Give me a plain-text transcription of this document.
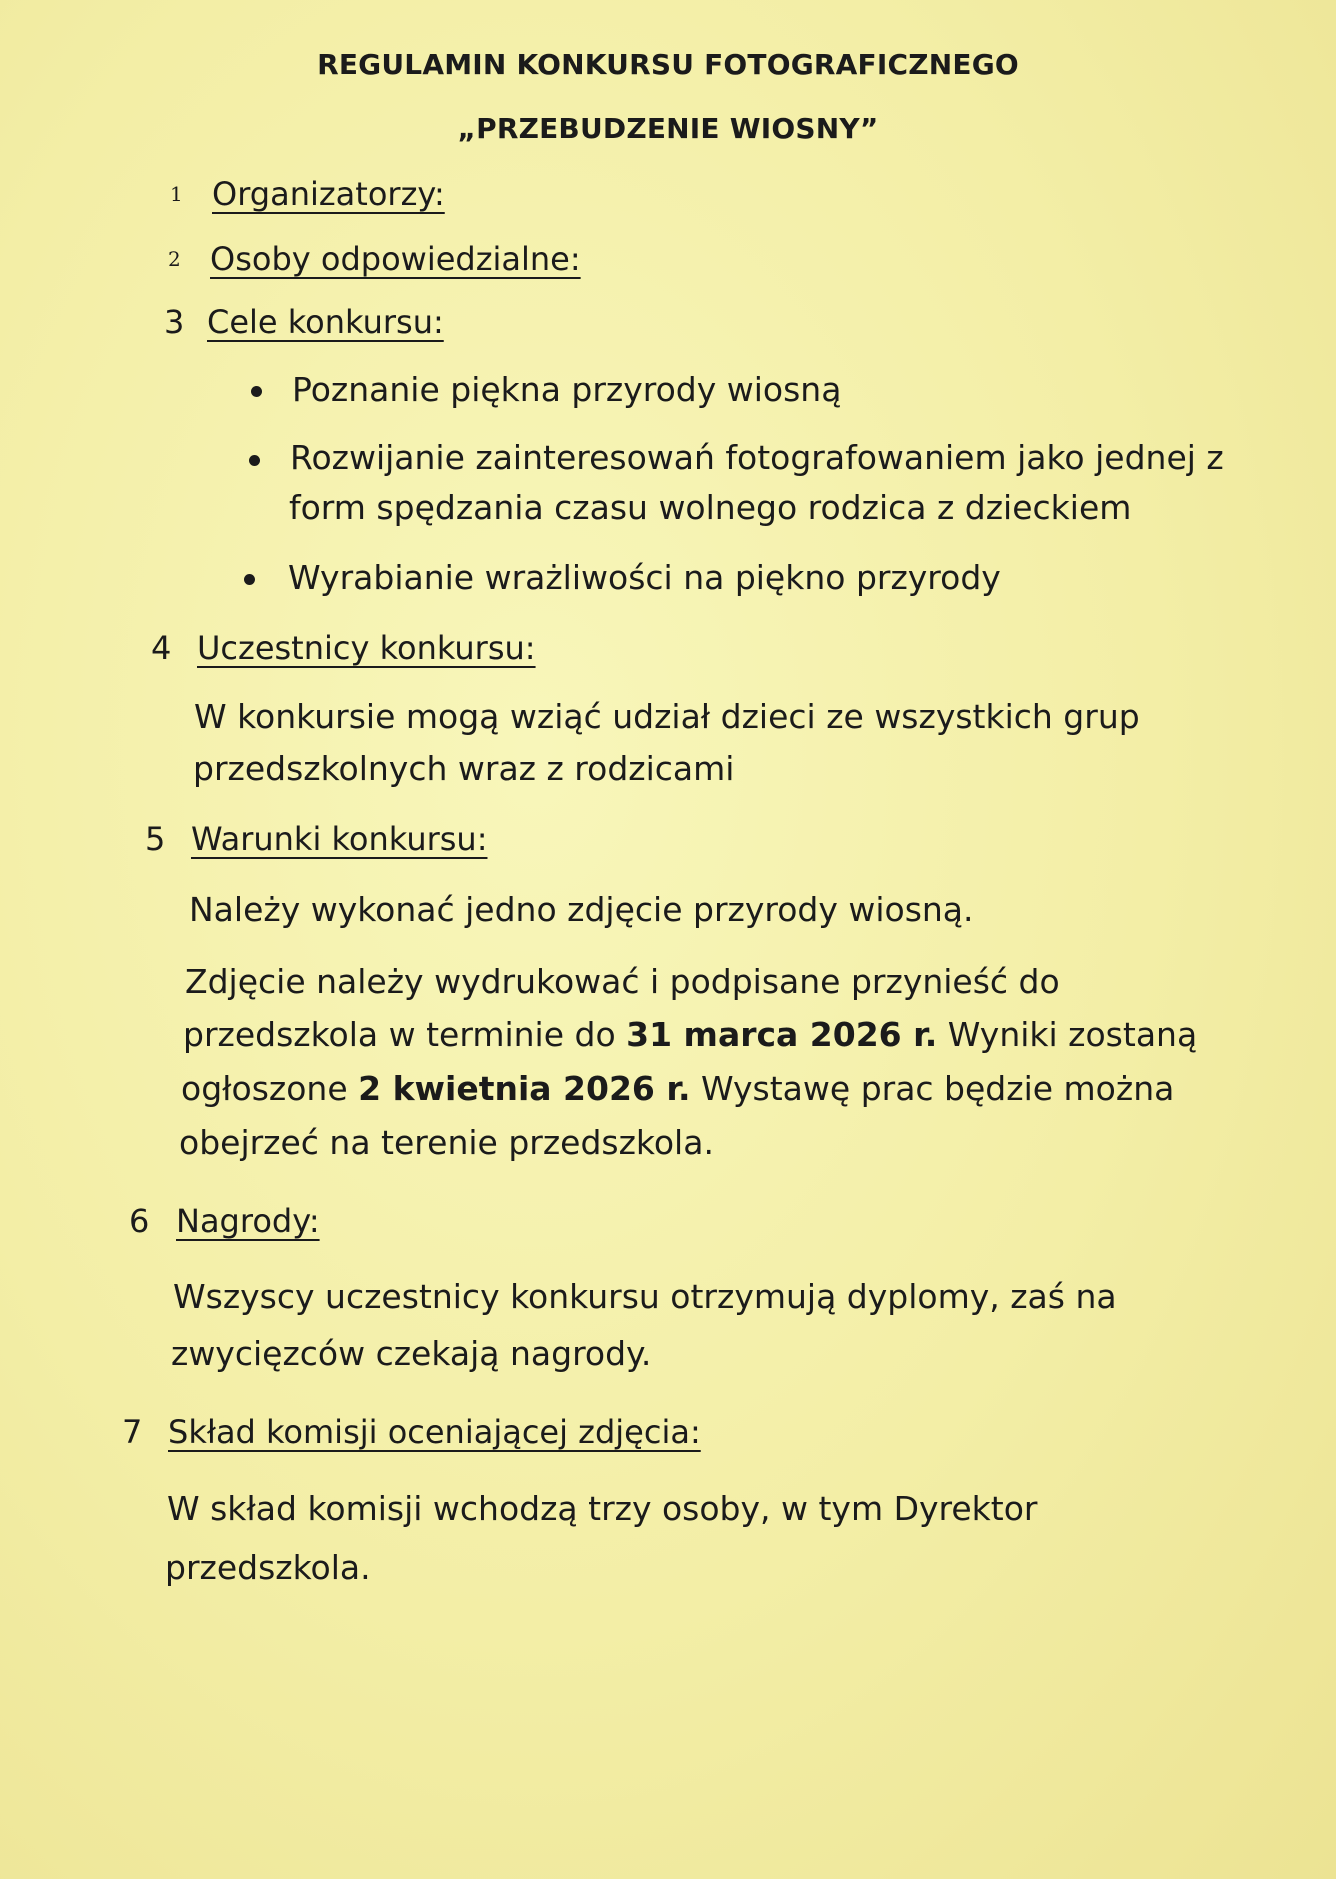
REGULAMIN KONKURSU FOTOGRAFICZNEGO
„PRZEBUDZENIE WIOSNY”
1 Organizatorzy:
2 Osoby odpowiedzialne:
3 Cele konkursu:
Poznanie piękna przyrody wiosną
Rozwijanie zainteresowań fotografowaniem jako jednej z
form spędzania czasu wolnego rodzica z dzieckiem
Wyrabianie wrażliwości na piękno przyrody
4 Uczestnicy konkursu:
W konkursie mogą wziąć udział dzieci ze wszystkich grup
przedszkolnych wraz z rodzicami
5 Warunki konkursu:
Należy wykonać jedno zdjęcie przyrody wiosną.
Zdjęcie należy wydrukować i podpisane przynieść do
przedszkola w terminie do 31 marca 2026 r. Wyniki zostaną
ogłoszone 2 kwietnia 2026 r. Wystawę prac będzie można
obejrzeć na terenie przedszkola.
6 Nagrody:
Wszyscy uczestnicy konkursu otrzymują dyplomy, zaś na
zwycięzców czekają nagrody.
7 Skład komisji oceniającej zdjęcia:
W skład komisji wchodzą trzy osoby, w tym Dyrektor
przedszkola.
